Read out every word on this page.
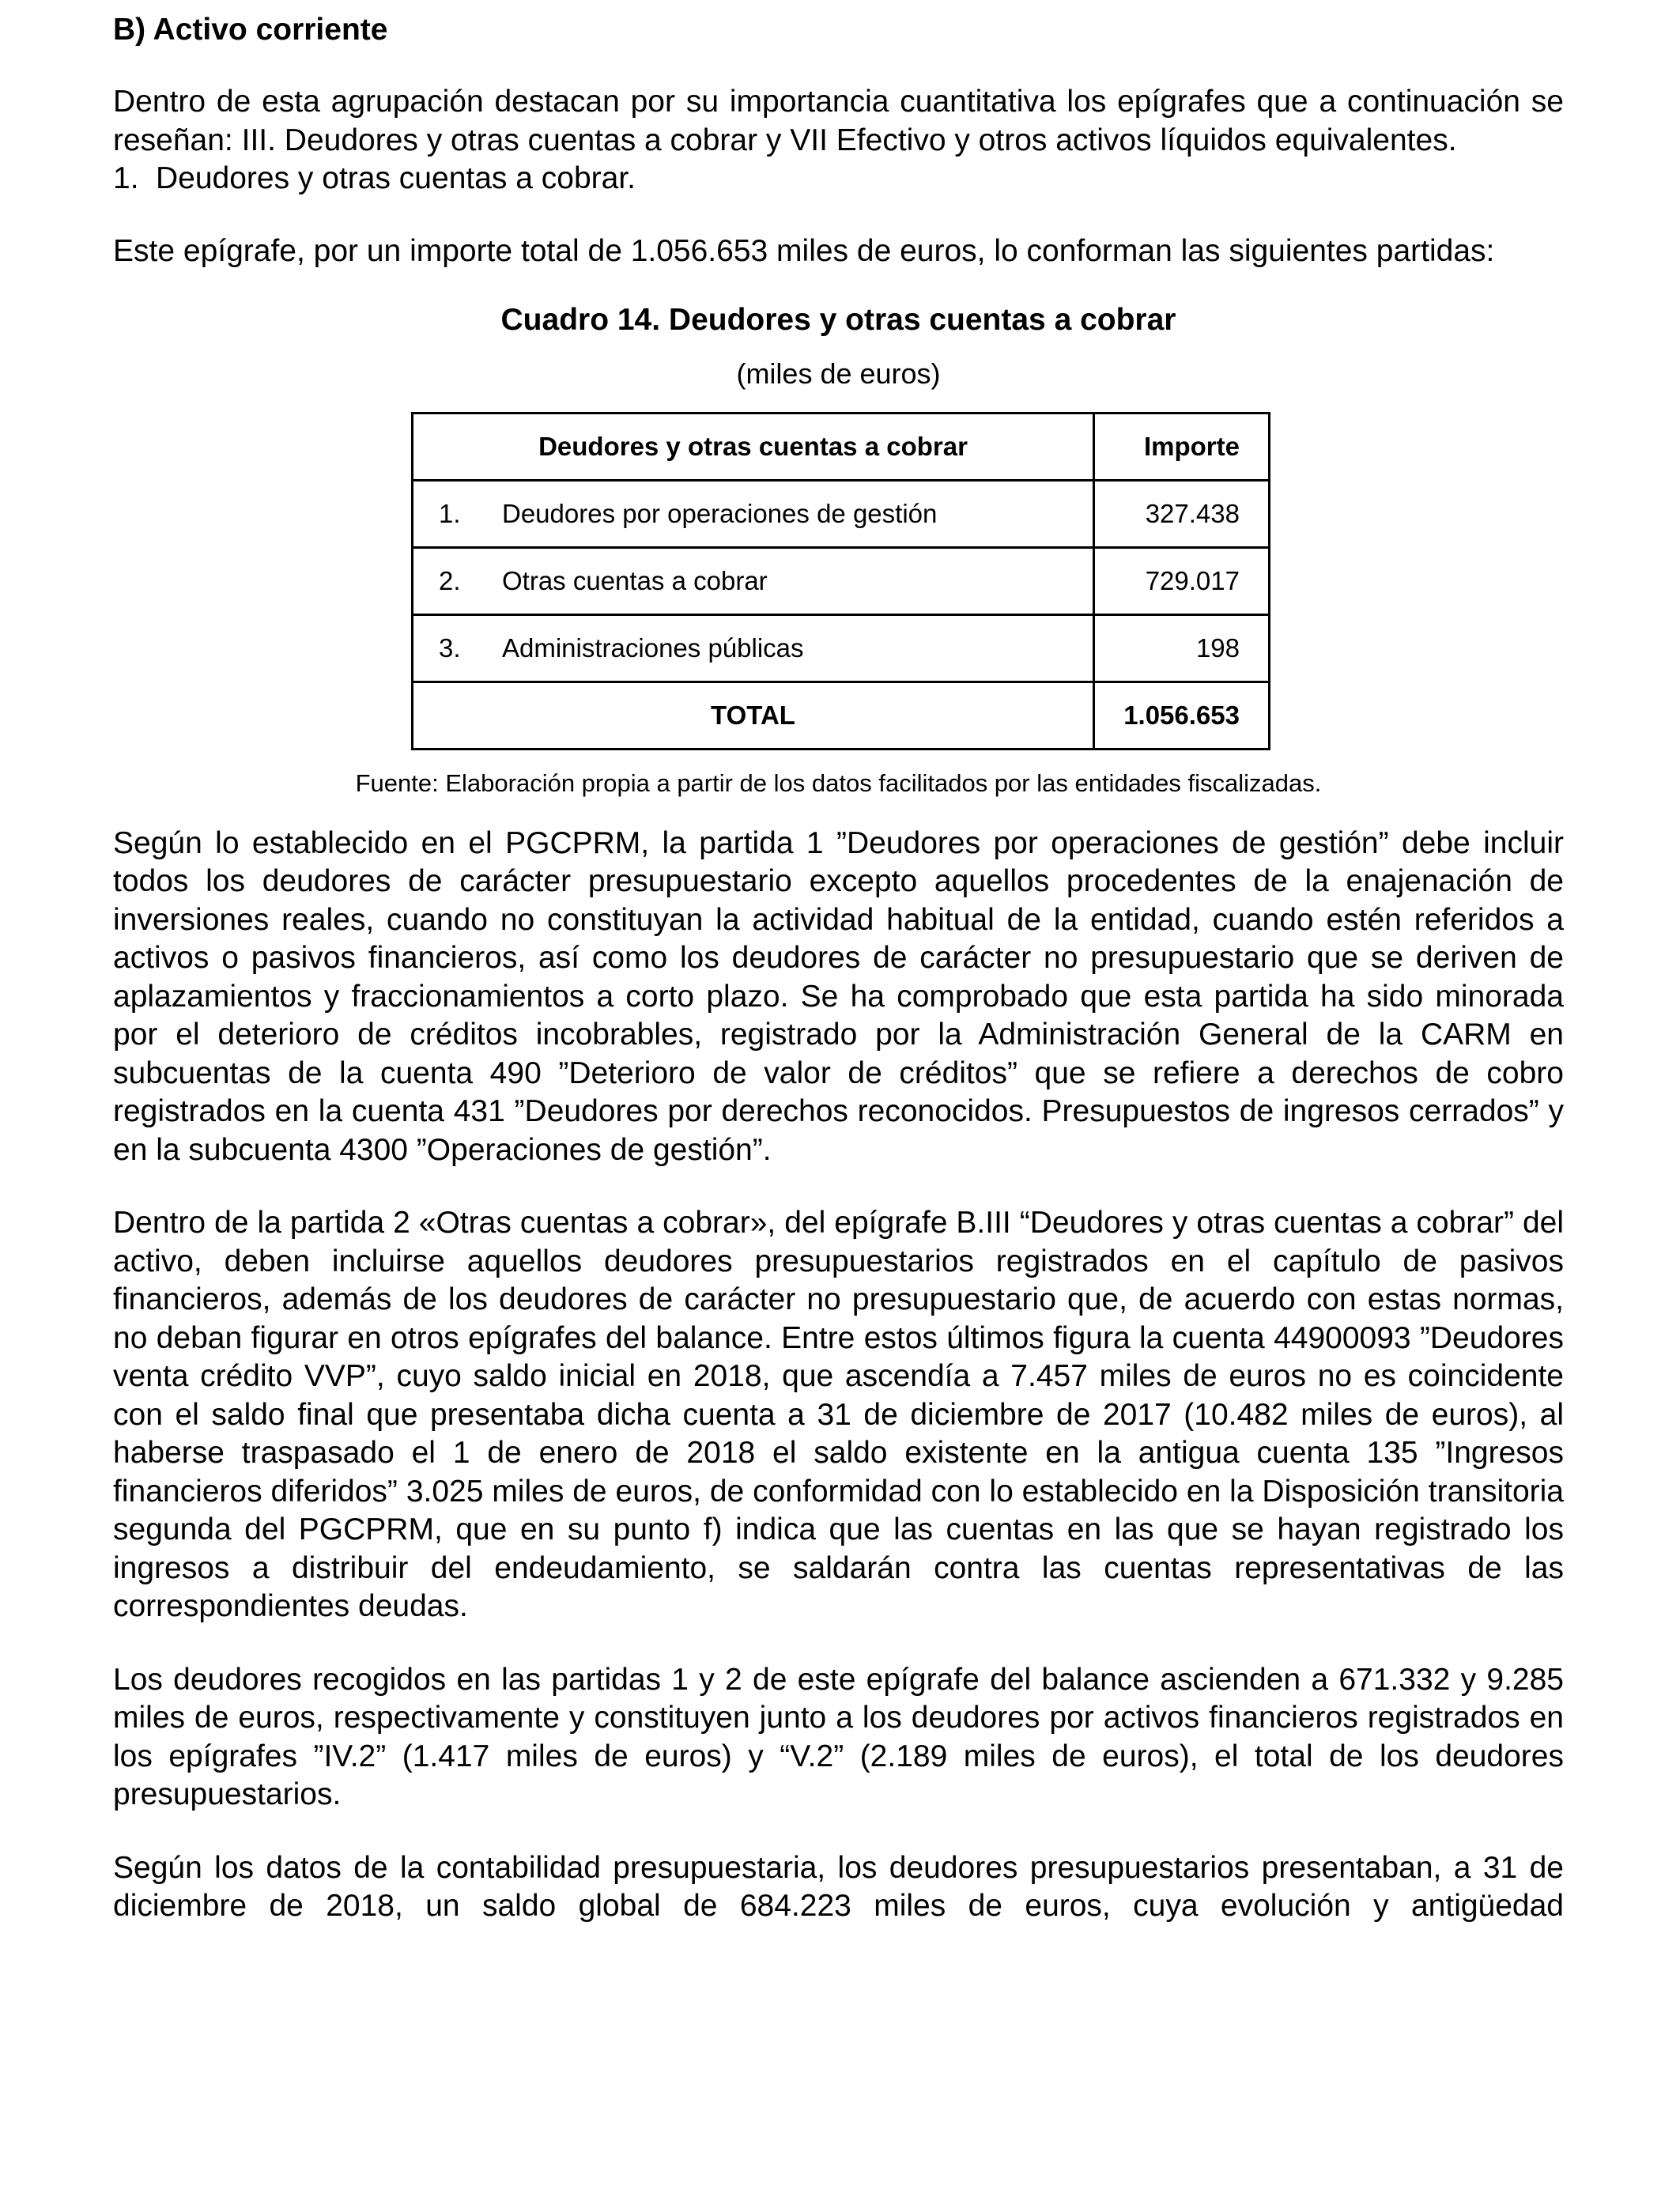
B) Activo corriente

Dentro de esta agrupación destacan por su importancia cuantitativa los epígrafes que a continuación se reseñan: III. Deudores y otras cuentas a cobrar y VII Efectivo y otros activos líquidos equivalentes.

1. Deudores y otras cuentas a cobrar.

Este epígrafe, por un importe total de 1.056.653 miles de euros, lo conforman las siguientes partidas:

Cuadro 14. Deudores y otras cuentas a cobrar

(miles de euros)

Deudores y otras cuentas a cobrar	Importe
1. Deudores por operaciones de gestión	327.438
2. Otras cuentas a cobrar	729.017
3. Administraciones públicas	198
TOTAL	1.056.653

Fuente: Elaboración propia a partir de los datos facilitados por las entidades fiscalizadas.

Según lo establecido en el PGCPRM, la partida 1 ”Deudores por operaciones de gestión” debe incluir todos los deudores de carácter presupuestario excepto aquellos procedentes de la enajenación de inversiones reales, cuando no constituyan la actividad habitual de la entidad, cuando estén referidos a activos o pasivos financieros, así como los deudores de carácter no presupuestario que se deriven de aplazamientos y fraccionamientos a corto plazo. Se ha comprobado que esta partida ha sido minorada por el deterioro de créditos incobrables, registrado por la Administración General de la CARM en subcuentas de la cuenta 490 ”Deterioro de valor de créditos” que se refiere a derechos de cobro registrados en la cuenta 431 ”Deudores por derechos reconocidos. Presupuestos de ingresos cerrados” y en la subcuenta 4300 ”Operaciones de gestión”.

Dentro de la partida 2 «Otras cuentas a cobrar», del epígrafe B.III “Deudores y otras cuentas a cobrar” del activo, deben incluirse aquellos deudores presupuestarios registrados en el capítulo de pasivos financieros, además de los deudores de carácter no presupuestario que, de acuerdo con estas normas, no deban figurar en otros epígrafes del balance. Entre estos últimos figura la cuenta 44900093 ”Deudores venta crédito VVP”, cuyo saldo inicial en 2018, que ascendía a 7.457 miles de euros no es coincidente con el saldo final que presentaba dicha cuenta a 31 de diciembre de 2017 (10.482 miles de euros), al haberse traspasado el 1 de enero de 2018 el saldo existente en la antigua cuenta 135 ”Ingresos financieros diferidos” 3.025 miles de euros, de conformidad con lo establecido en la Disposición transitoria segunda del PGCPRM, que en su punto f) indica que las cuentas en las que se hayan registrado los ingresos a distribuir del endeudamiento, se saldarán contra las cuentas representativas de las correspondientes deudas.

Los deudores recogidos en las partidas 1 y 2 de este epígrafe del balance ascienden a 671.332 y 9.285 miles de euros, respectivamente y constituyen junto a los deudores por activos financieros registrados en los epígrafes ”IV.2” (1.417 miles de euros) y “V.2” (2.189 miles de euros), el total de los deudores presupuestarios.

Según los datos de la contabilidad presupuestaria, los deudores presupuestarios presentaban, a 31 de diciembre de 2018, un saldo global de 684.223 miles de euros, cuya evolución y antigüedad
